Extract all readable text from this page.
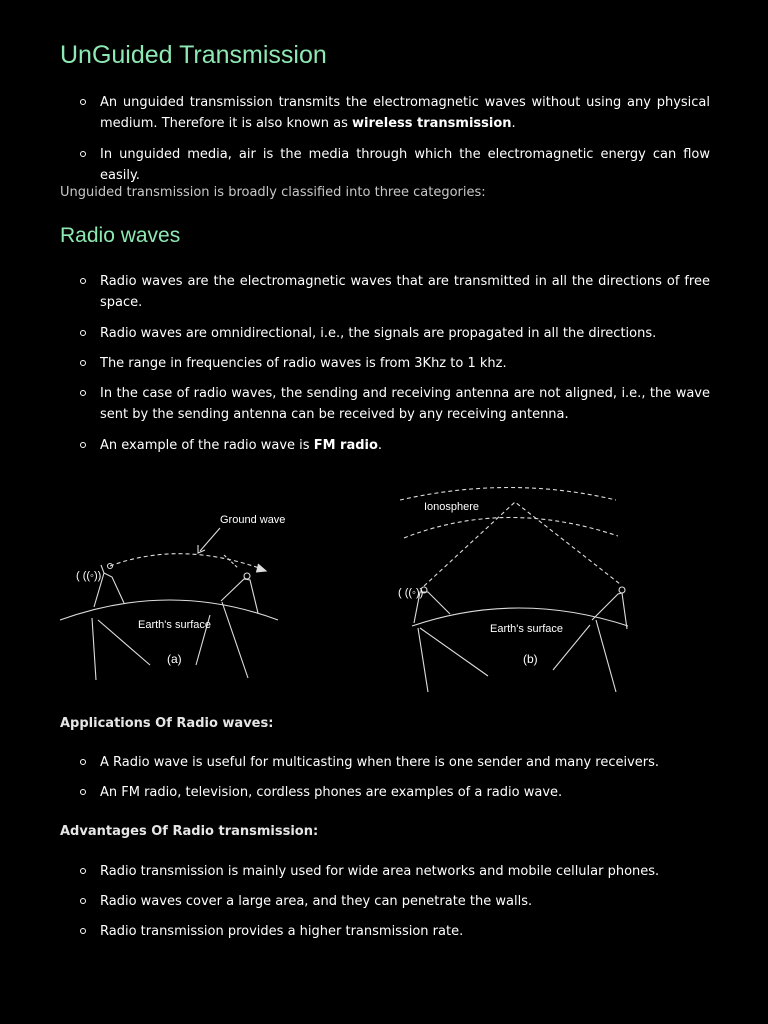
UnGuided Transmission
An unguided transmission transmits the electromagnetic waves without using any physical medium. Therefore it is also known as wireless transmission.
In unguided media, air is the media through which the electromagnetic energy can flow easily.

Unguided transmission is broadly classified into three categories:

Radio waves
Radio waves are the electromagnetic waves that are transmitted in all the directions of free space.
Radio waves are omnidirectional, i.e., the signals are propagated in all the directions.
The range in frequencies of radio waves is from 3Khz to 1 khz.
In the case of radio waves, the sending and receiving antenna are not aligned, i.e., the wave sent by the sending antenna can be received by any receiving antenna.
An example of the radio wave is FM radio.
Ground wave
Earth's surface
(a)
( ((◦))
Ionosphere
Earth's surface
(b)
( ((◦))

Applications Of Radio waves:

A Radio wave is useful for multicasting when there is one sender and many receivers.
An FM radio, television, cordless phones are examples of a radio wave.

Advantages Of Radio transmission:

Radio transmission is mainly used for wide area networks and mobile cellular phones.
Radio waves cover a large area, and they can penetrate the walls.
Radio transmission provides a higher transmission rate.
